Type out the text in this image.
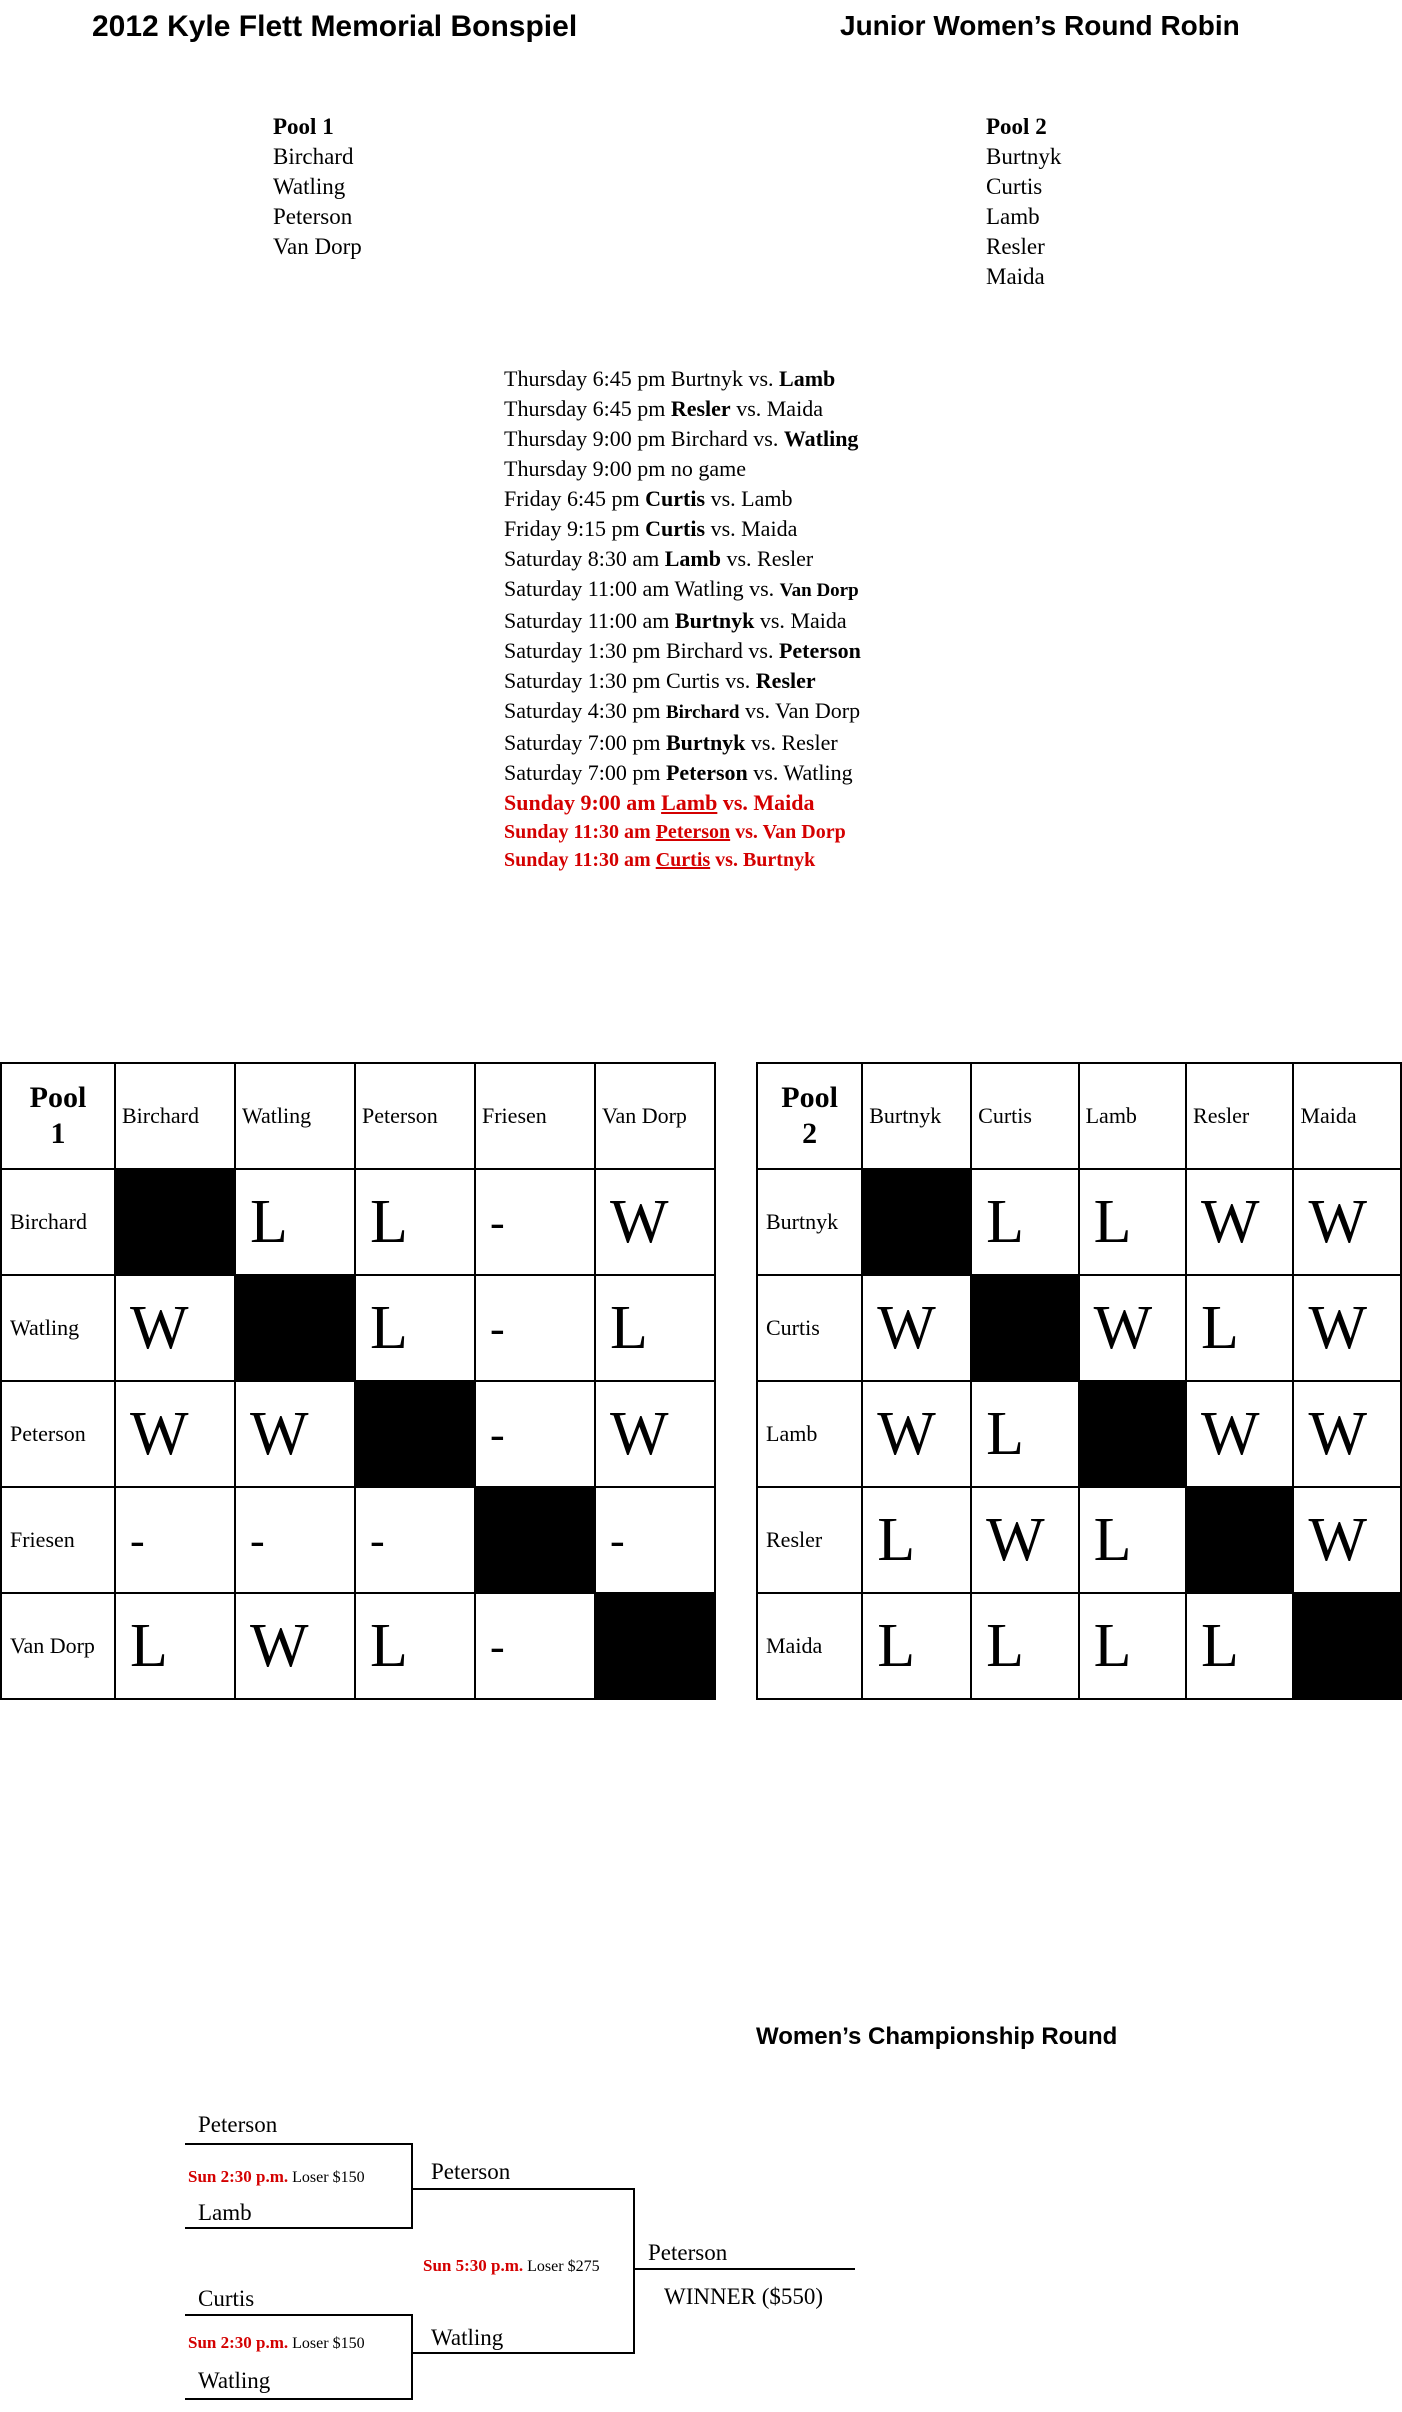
2012 Kyle Flett Memorial Bonspiel	Junior Women’s Round Robin
Pool 1
Birchard
Watling
Peterson
Van Dorp
Pool 2
Burtnyk
Curtis
Lamb
Resler
Maida
Thursday 6:45 pm Burtnyk vs. Lamb
Thursday 6:45 pm Resler vs. Maida
Thursday 9:00 pm Birchard vs. Watling
Thursday 9:00 pm no game
Friday 6:45 pm Curtis vs. Lamb
Friday 9:15 pm Curtis vs. Maida
Saturday 8:30 am Lamb vs. Resler
Saturday 11:00 am Watling vs. Van Dorp
Saturday 11:00 am Burtnyk vs. Maida
Saturday 1:30 pm Birchard vs. Peterson
Saturday 1:30 pm Curtis vs. Resler
Saturday 4:30 pm Birchard vs. Van Dorp
Saturday 7:00 pm Burtnyk vs. Resler
Saturday 7:00 pm Peterson vs. Watling
Sunday 9:00 am Lamb vs. Maida
Sunday 11:30 am Peterson vs. Van Dorp
Sunday 11:30 am Curtis vs. Burtnyk
Pool
1	Birchard	Watling	Peterson	Friesen	Van Dorp
Birchard		L	L	-	W
Watling	W		L	-	L
Peterson	W	W		-	W
Friesen	-	-	-		-
Van Dorp	L	W	L	-	
Pool
2	Burtnyk	Curtis	Lamb	Resler	Maida
Burtnyk		L	L	W	W
Curtis	W		W	L	W
Lamb	W	L		W	W
Resler	L	W	L		W
Maida	L	L	L	L	
Women’s Championship Round
Peterson
Sun 2:30 p.m. Loser $150
Lamb
Curtis
Sun 2:30 p.m. Loser $150
Watling
Peterson
Sun 5:30 p.m. Loser $275
Watling
Peterson
WINNER ($550)
